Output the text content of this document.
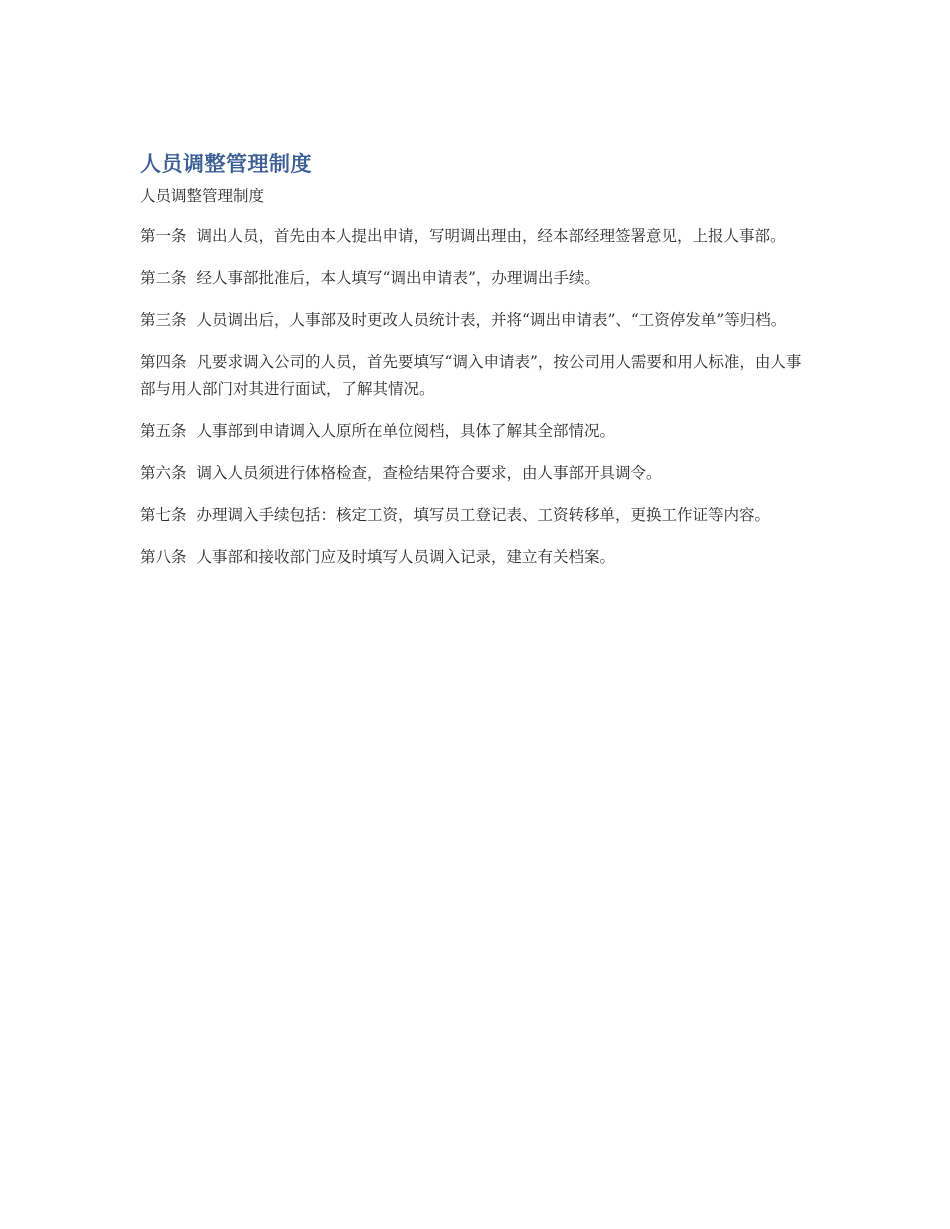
人员调整管理制度

人员调整管理制度

第一条 调出人员，首先由本人提出申请，写明调出理由，经本部经理签署意见，上报人事部。

第二条 经人事部批准后，本人填写“调出申请表”，办理调出手续。

第三条 人员调出后，人事部及时更改人员统计表，并将“调出申请表”、“工资停发单”等归档。

第四条 凡要求调入公司的人员，首先要填写“调入申请表”，按公司用人需要和用人标准，由人事部与用人部门对其进行面试，了解其情况。

第五条 人事部到申请调入人原所在单位阅档，具体了解其全部情况。

第六条 调入人员须进行体格检查，查检结果符合要求，由人事部开具调令。

第七条 办理调入手续包括：核定工资，填写员工登记表、工资转移单，更换工作证等内容。

第八条 人事部和接收部门应及时填写人员调入记录，建立有关档案。
